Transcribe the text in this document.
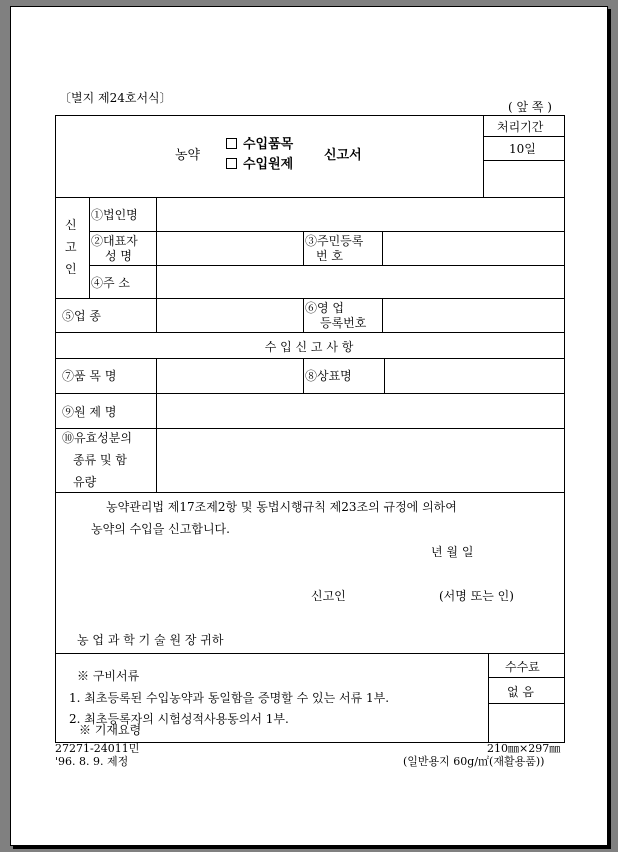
〔별지 제24호서식〕
( 앞 쪽 )
농약
수입품목
수입원제
신고서
처리기간
10일
신
고
인
①법인명
②대표자
성 명
③주민등록
번 호
④주 소
⑤업 종
⑥영 업
등록번호
수 입 신 고 사 항
⑦품 목 명	⑧상표명
⑨원 제 명
⑩유효성분의
종류 및 함
유량
농약관리법 제17조제2항 및 동법시행규칙 제23조의 규정에 의하여
농약의 수입을 신고합니다.
년 월 일
신고인	(서명 또는 인)
농 업 과 학 기 술 원 장 귀하
※ 구비서류
1. 최초등록된 수입농약과 동일함을 증명할 수 있는 서류 1부.
2. 최초등록자의 시험성적사용동의서 1부.
※ 기재요령
수수료
없 음
27271-24011민
'96. 8. 9. 제정
210㎜×297㎜
(일반용지 60g/㎡(재활용품))
